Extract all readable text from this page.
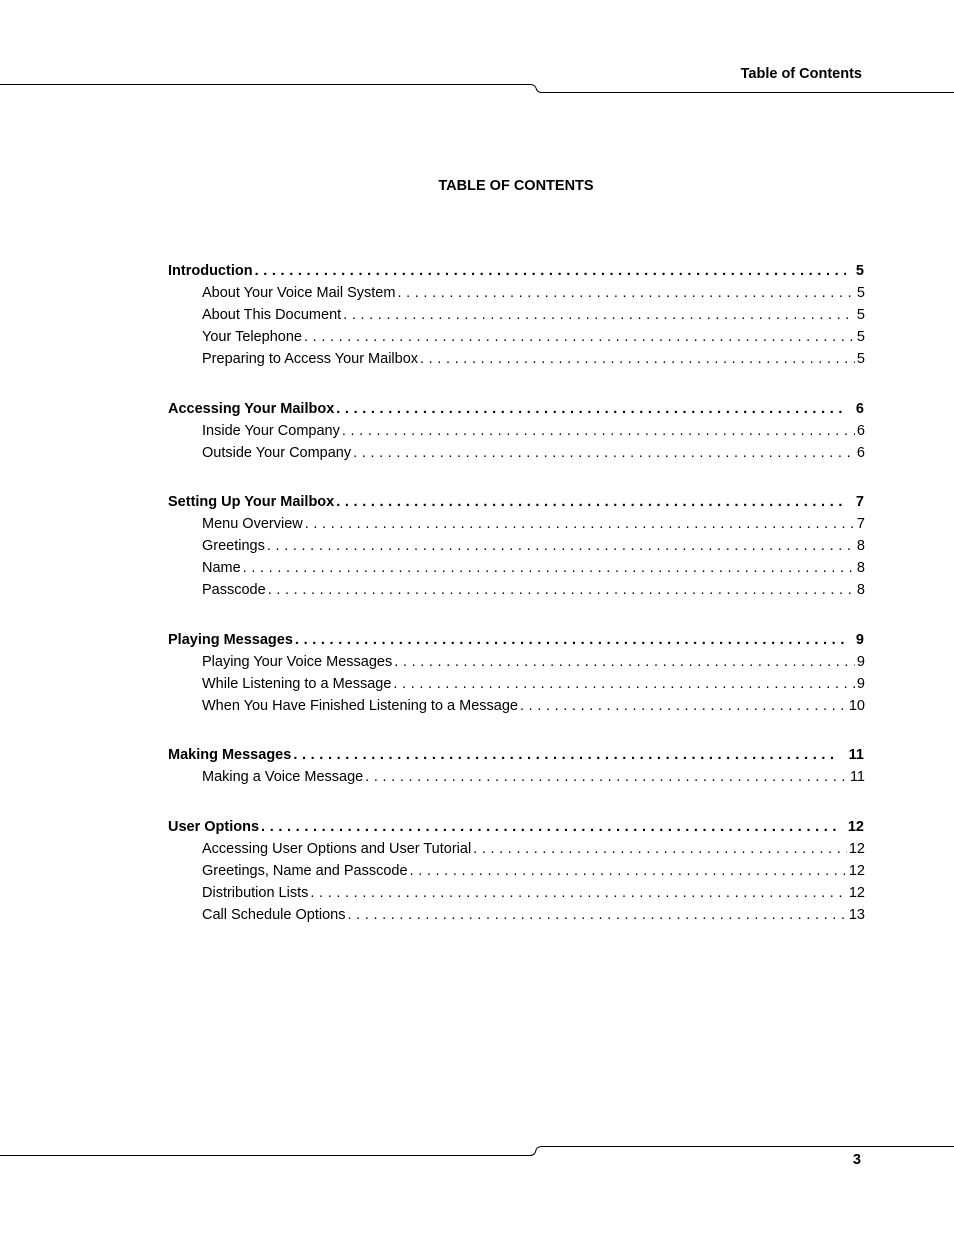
Table of Contents
TABLE OF CONTENTS
Introduction . . .	5
About Your Voice Mail System . . .	5
About This Document . . .	5
Your Telephone . . .	5
Preparing to Access Your Mailbox . . .	5
Accessing Your Mailbox . . .	6
Inside Your Company . . .	6
Outside Your Company . . .	6
Setting Up Your Mailbox . . .	7
Menu Overview . . .	7
Greetings . . .	8
Name . . .	8
Passcode . . .	8
Playing Messages . . .	9
Playing Your Voice Messages . . .	9
While Listening to a Message . . .	9
When You Have Finished Listening to a Message . . .	10
Making Messages . . .	11
Making a Voice Message . . .	11
User Options . . .	12
Accessing User Options and User Tutorial . . .	12
Greetings, Name and Passcode . . .	12
Distribution Lists . . .	12
Call Schedule Options . . .	13
3
